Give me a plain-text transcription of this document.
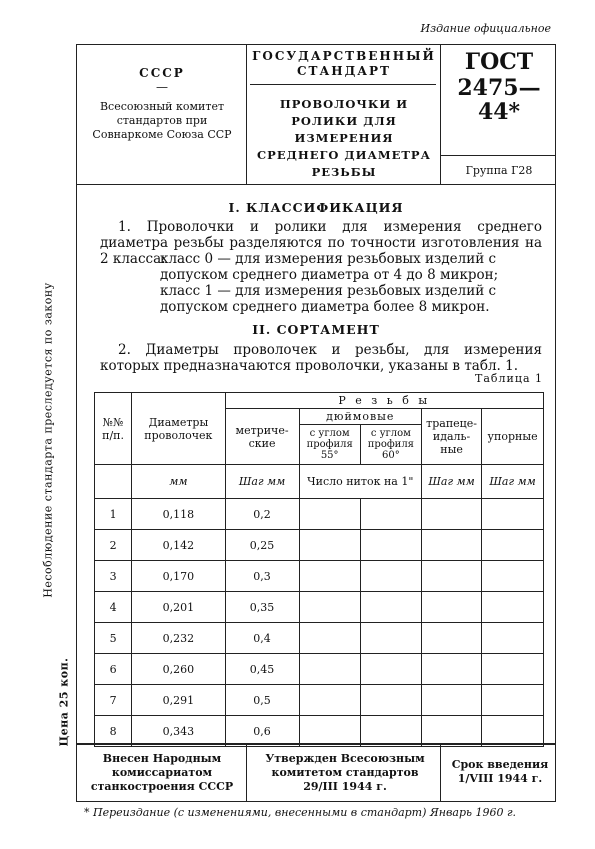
Издание официальное
СССР
—
Всесоюзный комитет стандартов при Совнаркоме Союза ССР
ГОСУДАРСТВЕННЫЙ СТАНДАРТ
ПРОВОЛОЧКИ И РОЛИКИ ДЛЯ ИЗМЕРЕНИЯ СРЕДНЕГО ДИАМЕТРА РЕЗЬБЫ
ГОСТ
2475—44*
Группа Г28
I. КЛАССИФИКАЦИЯ
1. Проволочки и ролики для измерения среднего диаметра резьбы разделяются по точности изготовления на 2 класса:
класс 0 — для измерения резьбовых изделий с допуском среднего диаметра от 4 до 8 микрон;
класс 1 — для измерения резьбовых изделий с допуском среднего диаметра более 8 микрон.
II. СОРТАМЕНТ
2. Диаметры проволочек и резьбы, для измерения которых предназначаются проволочки, указаны в табл. 1.
Таблица 1
№№ п/п.	Диаметры проволочек	Р е з ь б ы				
		метриче-ские	дюймовые		трапеце-идаль-ные	упорные
			с углом профиля 55°	с углом профиля 60°		
	мм	Шаг мм	Число ниток на 1"		Шаг мм	Шаг мм
1	0,118	0,2				
2	0,142	0,25				
3	0,170	0,3				
4	0,201	0,35				
5	0,232	0,4				
6	0,260	0,45				
7	0,291	0,5				
8	0,343	0,6				
Несоблюдение стандарта преследуется по закону
Цена 25 коп.
Внесен Народным комиссариатом станкостроения СССР
Утвержден Всесоюзным комитетом стандартов 29/III 1944 г.
Срок введения 1/VIII 1944 г.
* Переиздание (с изменениями, внесенными в стандарт) Январь 1960 г.
